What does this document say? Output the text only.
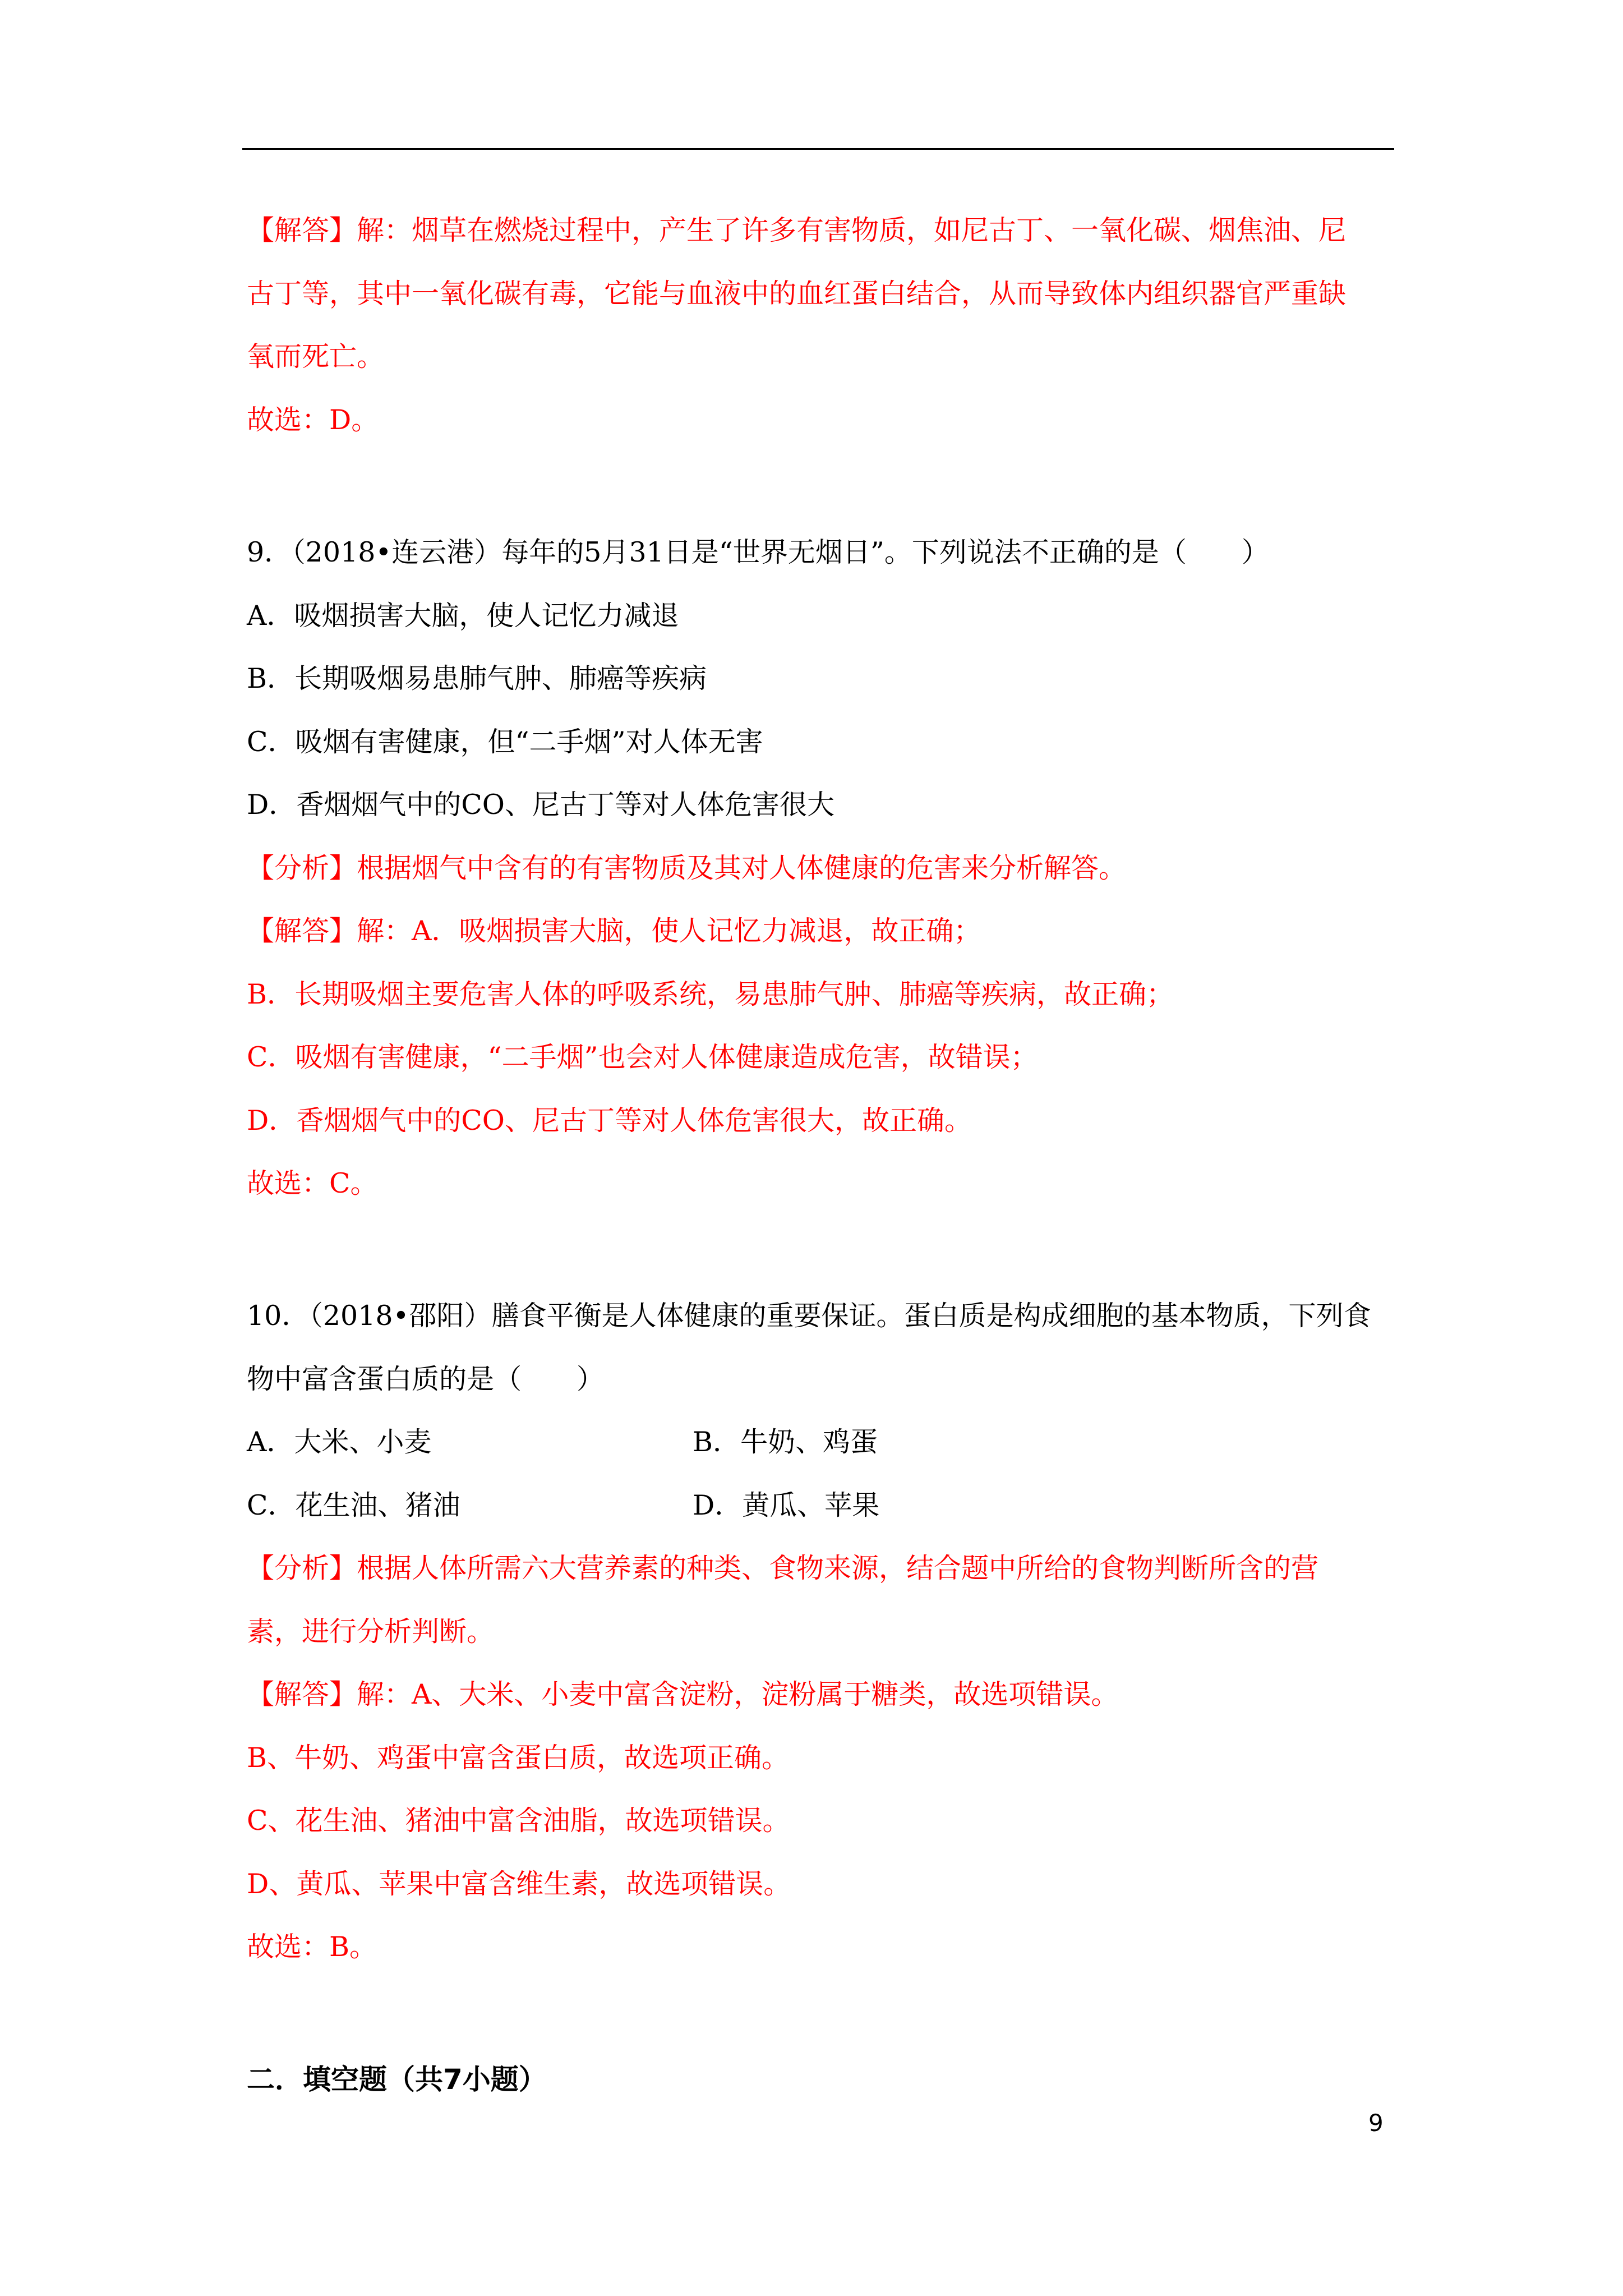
【解答】解：烟草在燃烧过程中，产生了许多有害物质，如尼古丁、一氧化碳、烟焦油、尼
古丁等，其中一氧化碳有毒，它能与血液中的血红蛋白结合，从而导致体内组织器官严重缺
氧而死亡。
故选：D。
9．（2018•连云港）每年的5月31日是“世界无烟日”。下列说法不正确的是（　　）
A．吸烟损害大脑，使人记忆力减退
B．长期吸烟易患肺气肿、肺癌等疾病
C．吸烟有害健康，但“二手烟”对人体无害
D．香烟烟气中的CO、尼古丁等对人体危害很大
【分析】根据烟气中含有的有害物质及其对人体健康的危害来分析解答。
【解答】解：A．吸烟损害大脑，使人记忆力减退，故正确；
B．长期吸烟主要危害人体的呼吸系统，易患肺气肿、肺癌等疾病，故正确；
C．吸烟有害健康，“二手烟”也会对人体健康造成危害，故错误；
D．香烟烟气中的CO、尼古丁等对人体危害很大，故正确。
故选：C。
10．（2018•邵阳）膳食平衡是人体健康的重要保证。蛋白质是构成细胞的基本物质，下列食
物中富含蛋白质的是（　　）
A．大米、小麦	B．牛奶、鸡蛋
C．花生油、猪油	D．黄瓜、苹果
【分析】根据人体所需六大营养素的种类、食物来源，结合题中所给的食物判断所含的营
素，进行分析判断。
【解答】解：A、大米、小麦中富含淀粉，淀粉属于糖类，故选项错误。
B、牛奶、鸡蛋中富含蛋白质，故选项正确。
C、花生油、猪油中富含油脂，故选项错误。
D、黄瓜、苹果中富含维生素，故选项错误。
故选：B。
二．填空题（共7小题）
9
